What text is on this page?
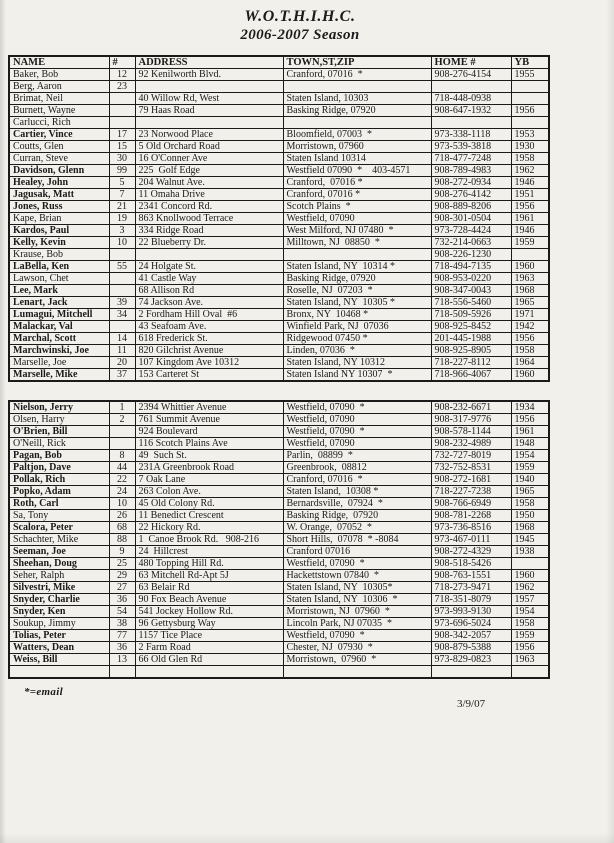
W.O.T.H.I.H.C.
2006-2007 Season
NAME	#	ADDRESS	TOWN,ST,ZIP	HOME #	YB
Baker, Bob	12	92 Kenilworth Blvd.	Cranford, 07016  *	908-276-4154	1955
Berg, Aaron	23				
Brimat, Neil		40 Willow Rd, West	Staten Island, 10303	718-448-0938	
Burnett, Wayne		79 Haas Road	Basking Ridge, 07920	908-647-1932	1956
Carlucci, Rich					
Cartier, Vince	17	23 Norwood Place	Bloomfield, 07003  *	973-338-1118	1953
Coutts, Glen	15	5 Old Orchard Road	Morristown, 07960	973-539-3818	1930
Curran, Steve	30	16 O'Conner Ave	Staten Island 10314	718-477-7248	1958
Davidson, Glenn	99	225  Golf Edge	Westfield 07090  *    403-4571	908-789-4983	1962
Healey, John	5	204 Walnut Ave.	Cranford,  07016 *	908-272-0934	1946
Jagusak, Matt	7	11 Omaha Drive	Cranford, 07016 *	908-276-4142	1951
Jones, Russ	21	2341 Concord Rd.	Scotch Plains  *	908-889-8206	1956
Kape, Brian	19	863 Knollwood Terrace	Westfield, 07090	908-301-0504	1961
Kardos, Paul	3	334 Ridge Road	West Milford, NJ 07480  *	973-728-4424	1946
Kelly, Kevin	10	22 Blueberry Dr.	Milltown, NJ  08850  *	732-214-0663	1959
Krause, Bob				908-226-1230	
LaBella, Ken	55	24 Holgate St.	Staten Island, NY  10314 *	718-494-7135	1960
Lawson, Chet		41 Castle Way	Basking Ridge, 07920	908-953-0220	1963
Lee, Mark		68 Allison Rd	Roselle, NJ  07203  *	908-347-0043	1968
Lenart, Jack	39	74 Jackson Ave.	Staten Island, NY  10305 *	718-556-5460	1965
Lumagui, Mitchell	34	2 Fordham Hill Oval  #6	Bronx, NY  10468 *	718-509-5926	1971
Malackar, Val		43 Seafoam Ave.	Winfield Park, NJ  07036	908-925-8452	1942
Marchal, Scott	14	618 Frederick St.	Ridgewood 07450 *	201-445-1988	1956
Marchwinski, Joe	11	820 Gilchrist Avenue	Linden, 07036  *	908-925-8905	1958
Marselle, Joe	20	107 Kingdom Ave 10312	Staten Island, NY 10312	718-227-8112	1964
Marselle, Mike	37	153 Carteret St	Staten Island NY 10307  *	718-966-4067	1960
Nielson, Jerry	1	2394 Whittier Avenue	Westfield, 07090  *	908-232-6671	1934
Olsen, Harry	2	761 Summit Avenue	Westfield, 07090	908-317-9776	1956
O'Brien, Bill		924 Boulevard	Westfield, 07090  *	908-578-1144	1961
O'Neill, Rick		116 Scotch Plains Ave	Westfield, 07090	908-232-4989	1948
Pagan, Bob	8	49  Such St.	Parlin,  08899  *	732-727-8019	1954
Paltjon, Dave	44	231A Greenbrook Road	Greenbrook,  08812	732-752-8531	1959
Pollak, Rich	22	7 Oak Lane	Cranford, 07016  *	908-272-1681	1940
Popko, Adam	24	263 Colon Ave.	Staten Island,  10308 *	718-227-7238	1965
Roth, Carl	10	45 Old Colony Rd.	Bernardsville,  07924  *	908-766-6949	1958
Sa, Tony	26	11 Benedict Crescent	Basking Ridge,  07920	908-781-2268	1950
Scalora, Peter	68	22 Hickory Rd.	W. Orange,  07052  *	973-736-8516	1968
Schachter, Mike	88	1  Canoe Brook Rd.   908-216	Short Hills,  07078  * -8084	973-467-0111	1945
Seeman, Joe	9	24  Hillcrest	Cranford 07016	908-272-4329	1938
Sheehan, Doug	25	480 Topping Hill Rd.	Westfield, 07090  *	908-518-5426	
Seher, Ralph	29	63 Mitchell Rd-Apt 5J	Hackettstown 07840  *	908-763-1551	1960
Silvestri, Mike	27	63 Belair Rd	Staten Island, NY  10305*	718-273-9471	1962
Snyder, Charlie	36	90 Fox Beach Avenue	Staten Island, NY  10306  *	718-351-8079	1957
Snyder, Ken	54	541 Jockey Hollow Rd.	Morristown, NJ  07960  *	973-993-9130	1954
Soukup, Jimmy	38	96 Gettysburg Way	Lincoln Park, NJ 07035  *	973-696-5024	1958
Tolias, Peter	77	1157 Tice Place	Westfield, 07090  *	908-342-2057	1959
Watters, Dean	36	2 Farm Road	Chester, NJ  07930  *	908-879-5388	1956
Weiss, Bill	13	66 Old Glen Rd	Morristown,  07960  *	973-829-0823	1963

*=email
3/9/07
